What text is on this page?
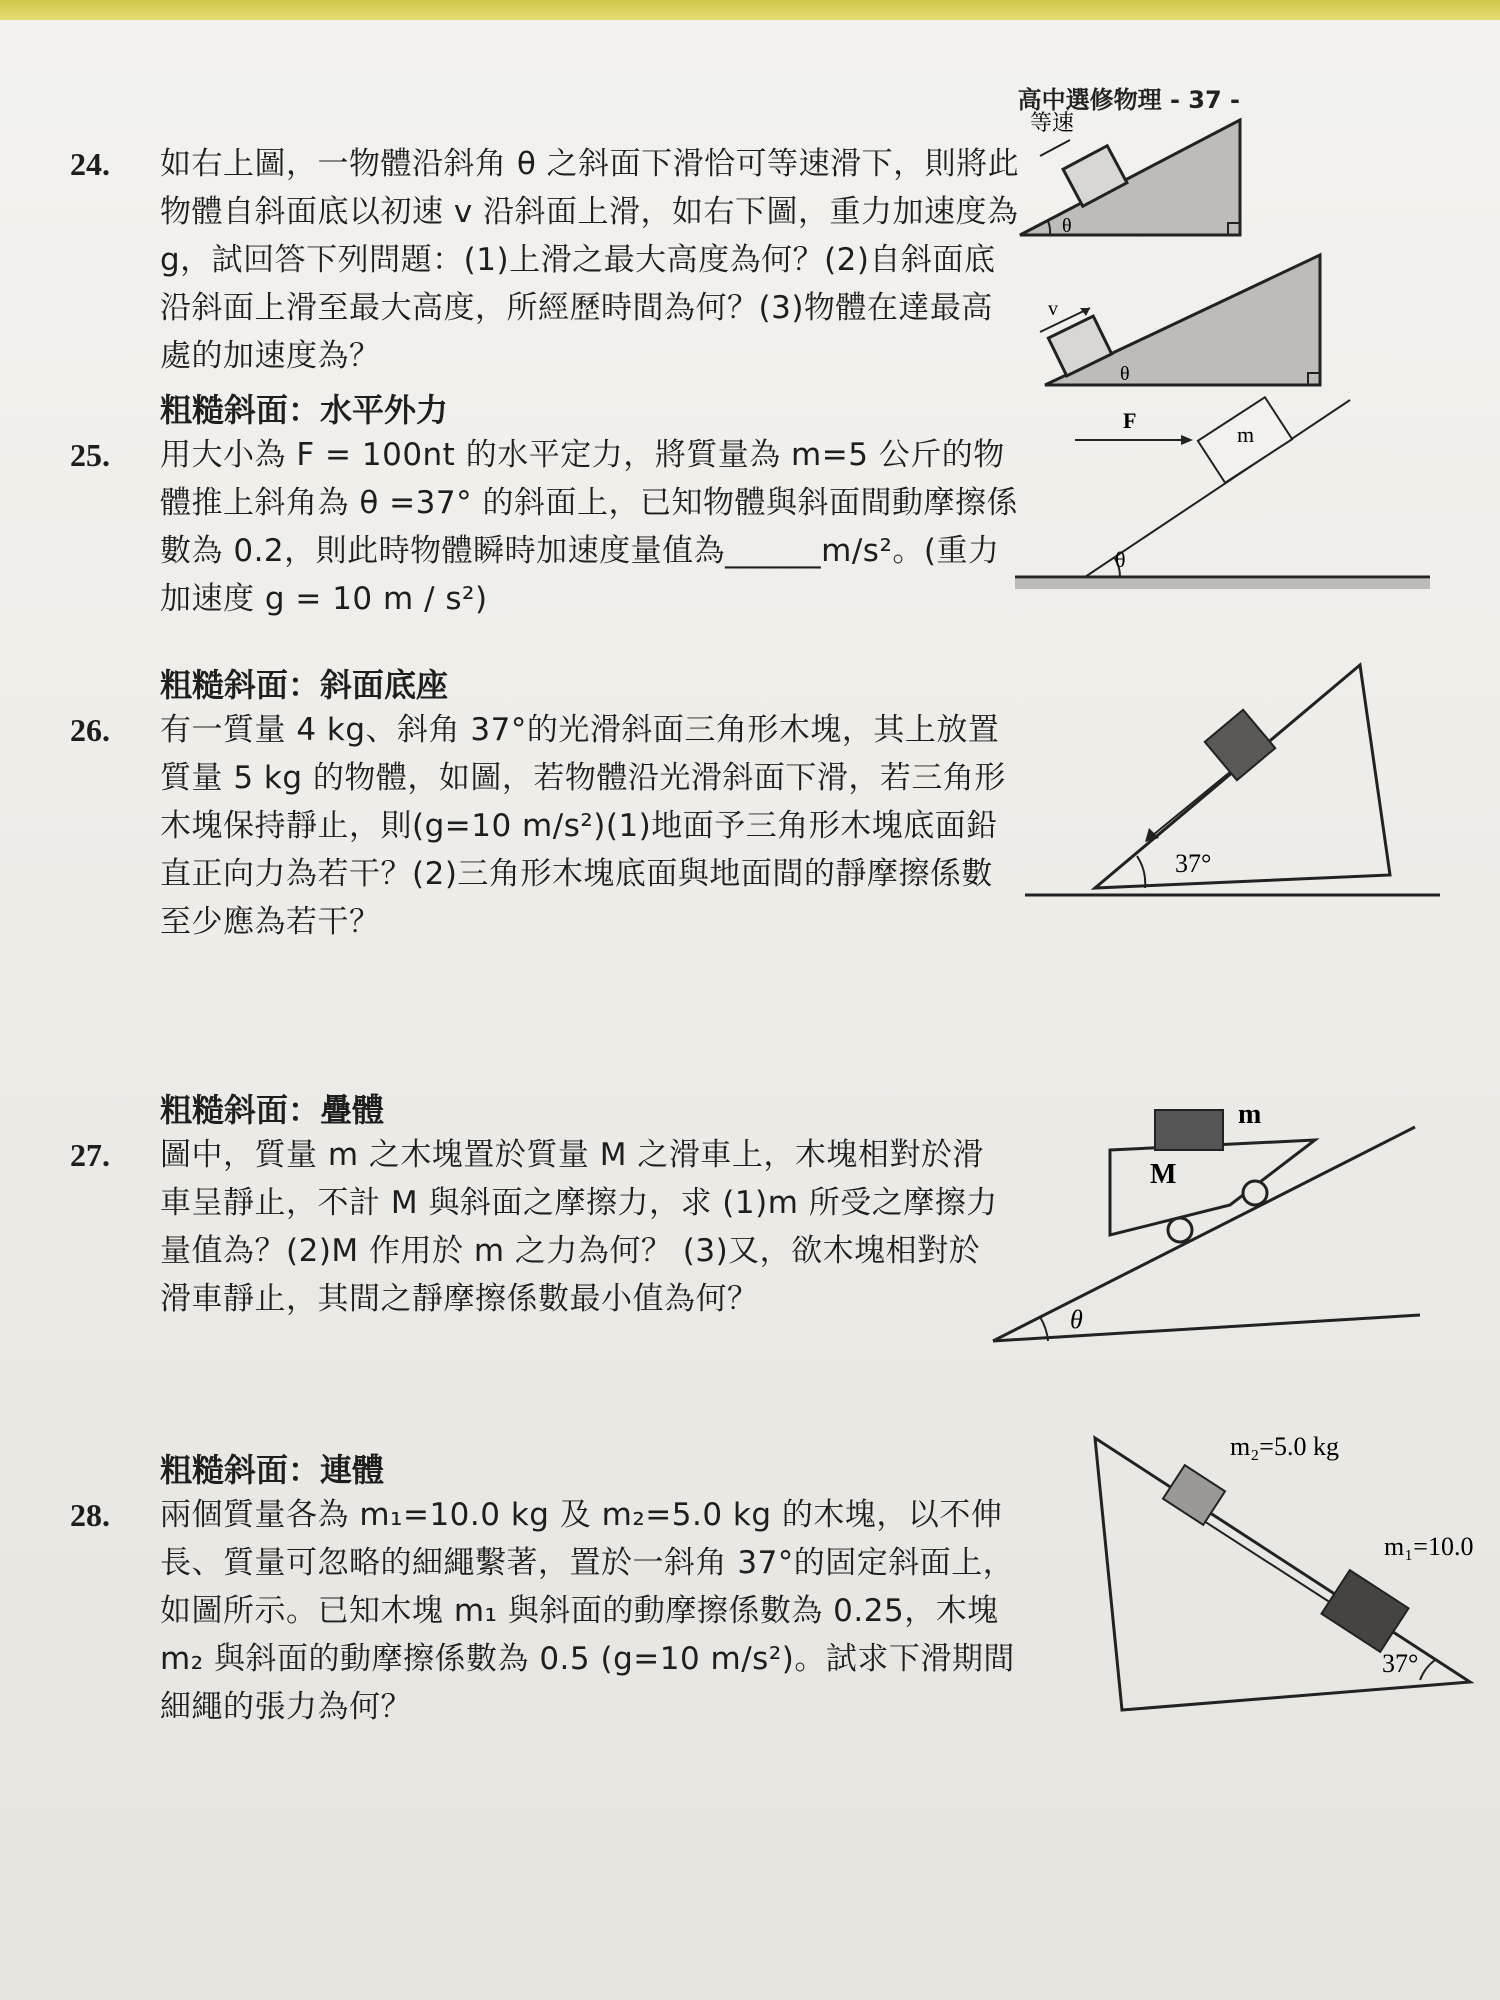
高中選修物理 - 37 -
24.	如右上圖，一物體沿斜角 θ 之斜面下滑恰可等速滑下，則將此物體自斜面底以初速 v 沿斜面上滑，如右下圖，重力加速度為 g，試回答下列問題：(1)上滑之最大高度為何？(2)自斜面底沿斜面上滑至最大高度，所經歷時間為何？(3)物體在達最高處的加速度為？
等速
θ
v
θ
粗糙斜面：水平外力
25.	用大小為 F = 100nt 的水平定力，將質量為 m=5 公斤的物體推上斜角為 θ =37° 的斜面上，已知物體與斜面間動摩擦係數為 0.2，則此時物體瞬時加速度量值為______m/s²。(重力加速度 g = 10 m / s²)
m
F
θ
粗糙斜面：斜面底座
26.	有一質量 4 kg、斜角 37°的光滑斜面三角形木塊，其上放置質量 5 kg 的物體，如圖，若物體沿光滑斜面下滑，若三角形木塊保持靜止，則(g=10 m/s²)(1)地面予三角形木塊底面鉛直正向力為若干？(2)三角形木塊底面與地面間的靜摩擦係數至少應為若干？
37°
粗糙斜面：疊體
27.	圖中，質量 m 之木塊置於質量 M 之滑車上，木塊相對於滑車呈靜止，不計 M 與斜面之摩擦力，求 (1)m 所受之摩擦力量值為？(2)M 作用於 m 之力為何？ (3)又，欲木塊相對於滑車靜止，其間之靜摩擦係數最小值為何？
m
M
θ
粗糙斜面：連體
28.	兩個質量各為 m₁=10.0 kg 及 m₂=5.0 kg 的木塊，以不伸長、質量可忽略的細繩繫著，置於一斜角 37°的固定斜面上，如圖所示。已知木塊 m₁ 與斜面的動摩擦係數為 0.25，木塊 m₂ 與斜面的動摩擦係數為 0.5 (g=10 m/s²)。試求下滑期間細繩的張力為何？
m₂=5.0 kg
m₁=10.0
37°
